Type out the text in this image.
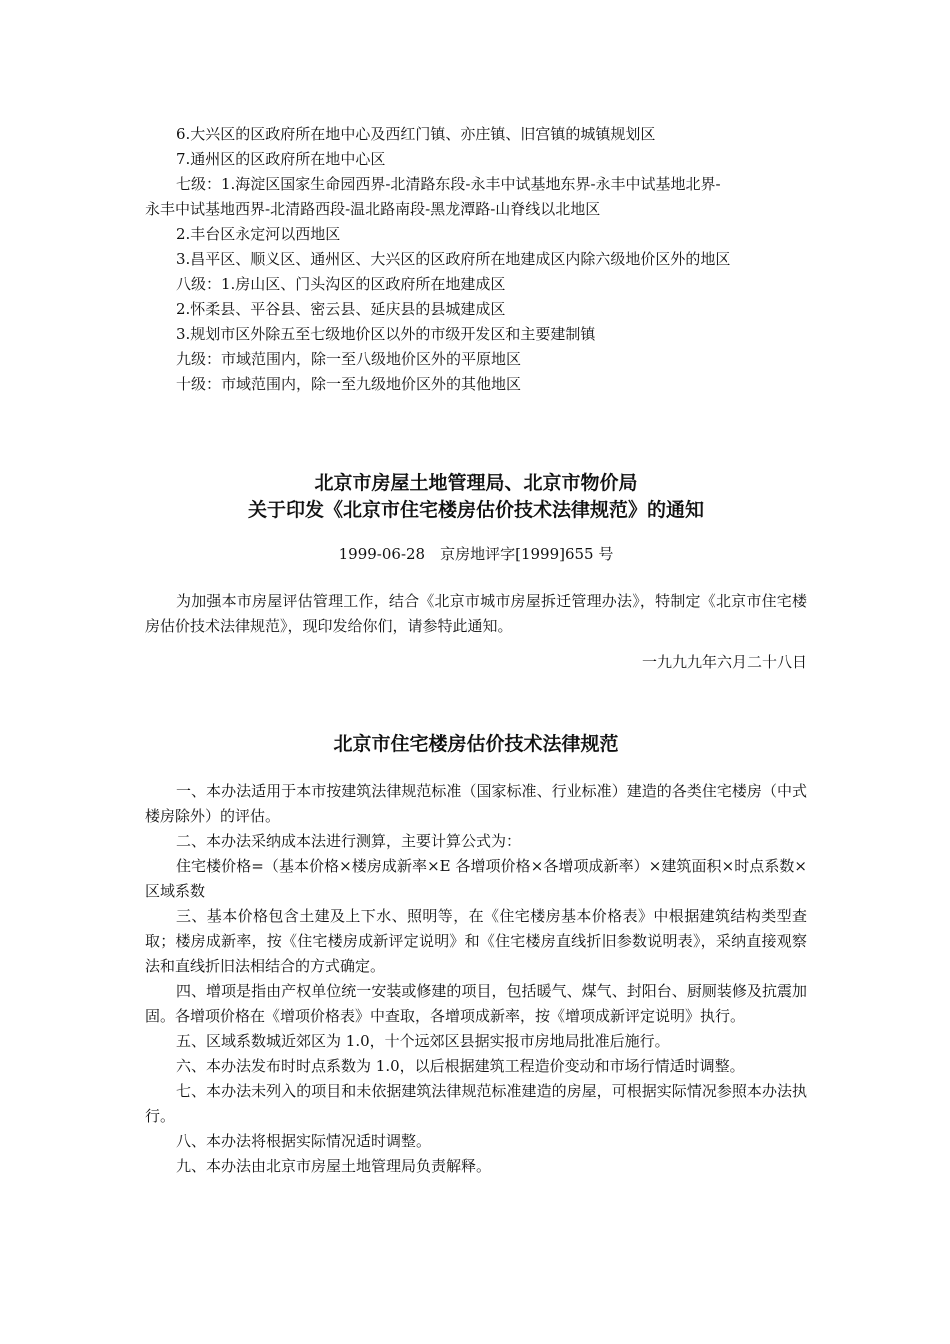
6.大兴区的区政府所在地中心及西红门镇、亦庄镇、旧宫镇的城镇规划区
7.通州区的区政府所在地中心区
七级：1.海淀区国家生命园西界-北清路东段-永丰中试基地东界-永丰中试基地北界-
永丰中试基地西界-北清路西段-温北路南段-黑龙潭路-山脊线以北地区
2.丰台区永定河以西地区
3.昌平区、顺义区、通州区、大兴区的区政府所在地建成区内除六级地价区外的地区
八级：1.房山区、门头沟区的区政府所在地建成区
2.怀柔县、平谷县、密云县、延庆县的县城建成区
3.规划市区外除五至七级地价区以外的市级开发区和主要建制镇
九级：市域范围内，除一至八级地价区外的平原地区
十级：市域范围内，除一至九级地价区外的其他地区
北京市房屋土地管理局、北京市物价局
关于印发《北京市住宅楼房估价技术法律规范》的通知
1999-06-28　京房地评字[1999]655 号
为加强本市房屋评估管理工作，结合《北京市城市房屋拆迁管理办法》，特制定《北京市住宅楼房估价技术法律规范》，现印发给你们，请参特此通知。
一九九九年六月二十八日
北京市住宅楼房估价技术法律规范
一、本办法适用于本市按建筑法律规范标准（国家标准、行业标准）建造的各类住宅楼房（中式楼房除外）的评估。
二、本办法采纳成本法进行测算，主要计算公式为：
住宅楼价格=（基本价格×楼房成新率×E 各增项价格×各增项成新率）×建筑面积×时点系数×区域系数
三、基本价格包含土建及上下水、照明等，在《住宅楼房基本价格表》中根据建筑结构类型查取；楼房成新率，按《住宅楼房成新评定说明》和《住宅楼房直线折旧参数说明表》，采纳直接观察法和直线折旧法相结合的方式确定。
四、增项是指由产权单位统一安装或修建的项目，包括暖气、煤气、封阳台、厨厕装修及抗震加固。各增项价格在《增项价格表》中查取，各增项成新率，按《增项成新评定说明》执行。
五、区域系数城近郊区为 1.0，十个远郊区县据实报市房地局批准后施行。
六、本办法发布时时点系数为 1.0，以后根据建筑工程造价变动和市场行情适时调整。
七、本办法未列入的项目和未依据建筑法律规范标准建造的房屋，可根据实际情况参照本办法执行。
八、本办法将根据实际情况适时调整。
九、本办法由北京市房屋土地管理局负责解释。
